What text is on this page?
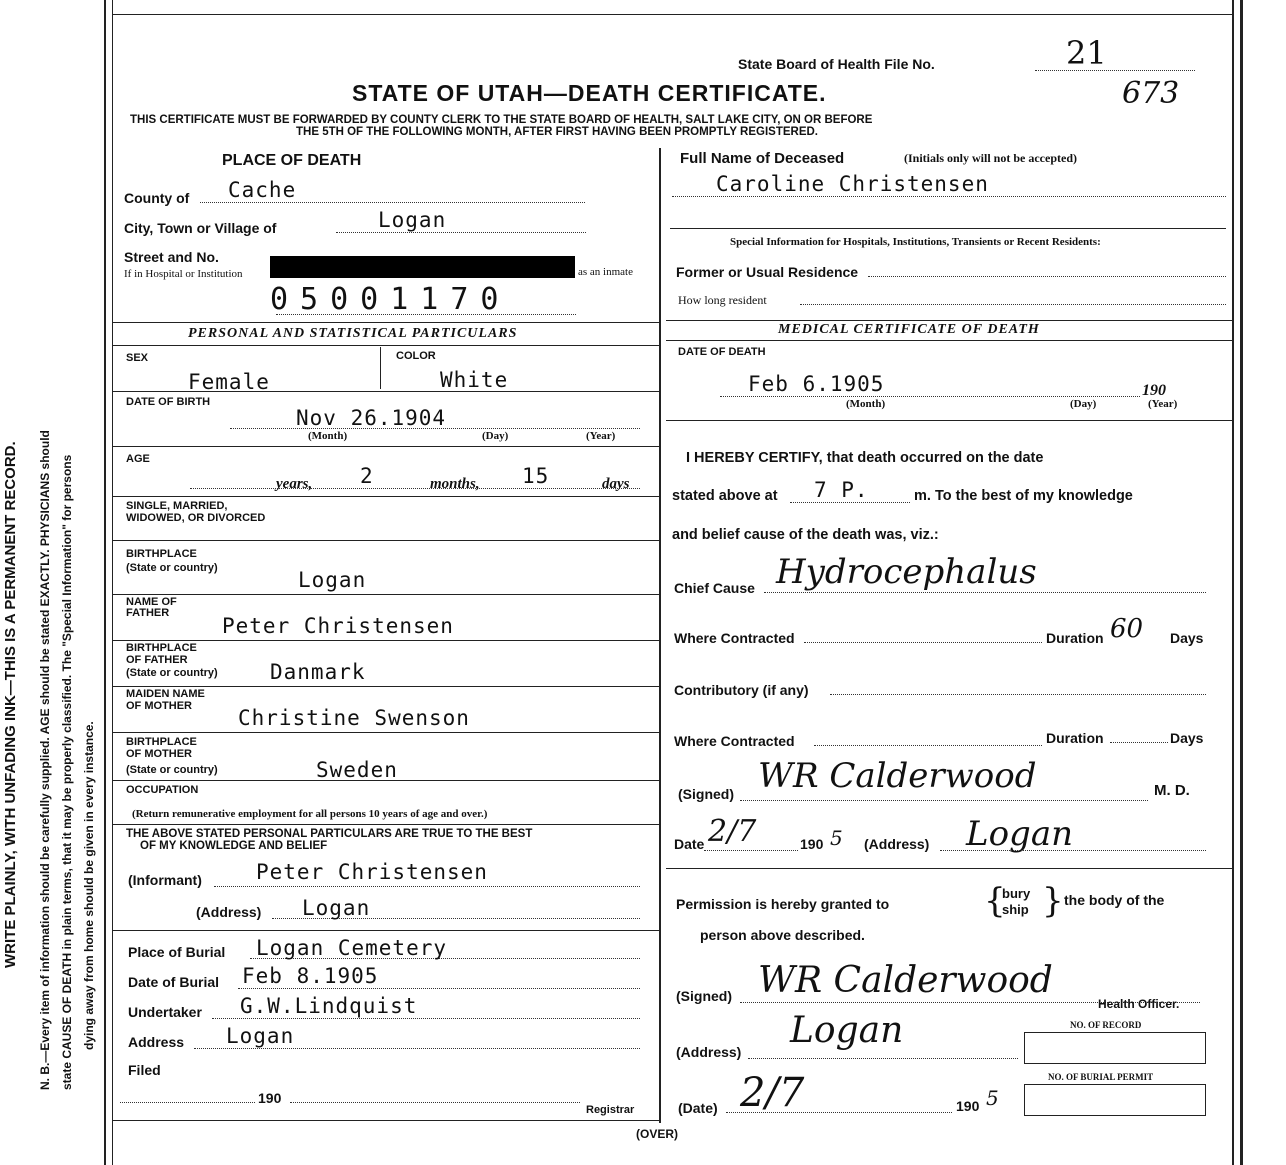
WRITE PLAINLY, WITH UNFADING INK—THIS IS A PERMANENT RECORD. N. B.—Every item of information should be carefully supplied. AGE should be stated EXACTLY. PHYSICIANS should state CAUSE OF DEATH in plain terms, that it may be properly classified. The "Special Information" for persons dying away from home should be given in every instance.
State Board of Health File No.	21
673
STATE OF UTAH—DEATH CERTIFICATE.
THIS CERTIFICATE MUST BE FORWARDED BY COUNTY CLERK TO THE STATE BOARD OF HEALTH, SALT LAKE CITY, ON OR BEFORE
THE 5TH OF THE FOLLOWING MONTH, AFTER FIRST HAVING BEEN PROMPTLY REGISTERED.
(OVER)
PLACE OF DEATH
County of Cache
City, Town or Village of	Logan
Street and No.
If in Hospital or Institution	as an inmate
05001170
PERSONAL AND STATISTICAL PARTICULARS
SEX
Female
COLOR
White
DATE OF BIRTH
Nov 26.1904
(Month)	(Day)	(Year)
AGE
years, 2	months, 15	days
SINGLE, MARRIED,
WIDOWED, OR DIVORCED
BIRTHPLACE
(State or country)	Logan
NAME OF
FATHER
Peter Christensen
BIRTHPLACE
OF FATHER
(State or country) Danmark
MAIDEN NAME
OF MOTHER Christine Swenson
BIRTHPLACE
OF MOTHER
(State or country)	Sweden
OCCUPATION
(Return remunerative employment for all persons 10 years of age and over.)
THE ABOVE STATED PERSONAL PARTICULARS ARE TRUE TO THE BEST
OF MY KNOWLEDGE AND BELIEF
(Informant)	Peter Christensen
(Address) Logan
Place of Burial Logan Cemetery
Date of Burial Feb 8.1905
Undertaker G.W.Lindquist
Address Logan
Filed
190
Registrar
Full Name of Deceased	(Initials only will not be accepted)
Caroline Christensen
Special Information for Hospitals, Institutions, Transients or Recent Residents:
Former or Usual Residence
How long resident
MEDICAL CERTIFICATE OF DEATH
DATE OF DEATH
Feb 6.1905	190
(Month)	(Day)	(Year)
I HEREBY CERTIFY, that death occurred on the date
stated above at 7 P.	m. To the best of my knowledge
and belief cause of the death was, viz.:
Chief Cause Hydrocephalus
Where Contracted	Duration 60 Days
Contributory (if any)
Where Contracted	Duration	Days
(Signed) WR Calderwood	M. D.
Date 2/7	190 5 (Address) Logan
Permission is hereby granted to	{
bury
ship } the body of the
person above described.
(Signed) WR Calderwood
Health Officer.
NO. OF RECORD
(Address)
Logan
NO. OF BURIAL PERMIT
(Date) 2/7	190 5
